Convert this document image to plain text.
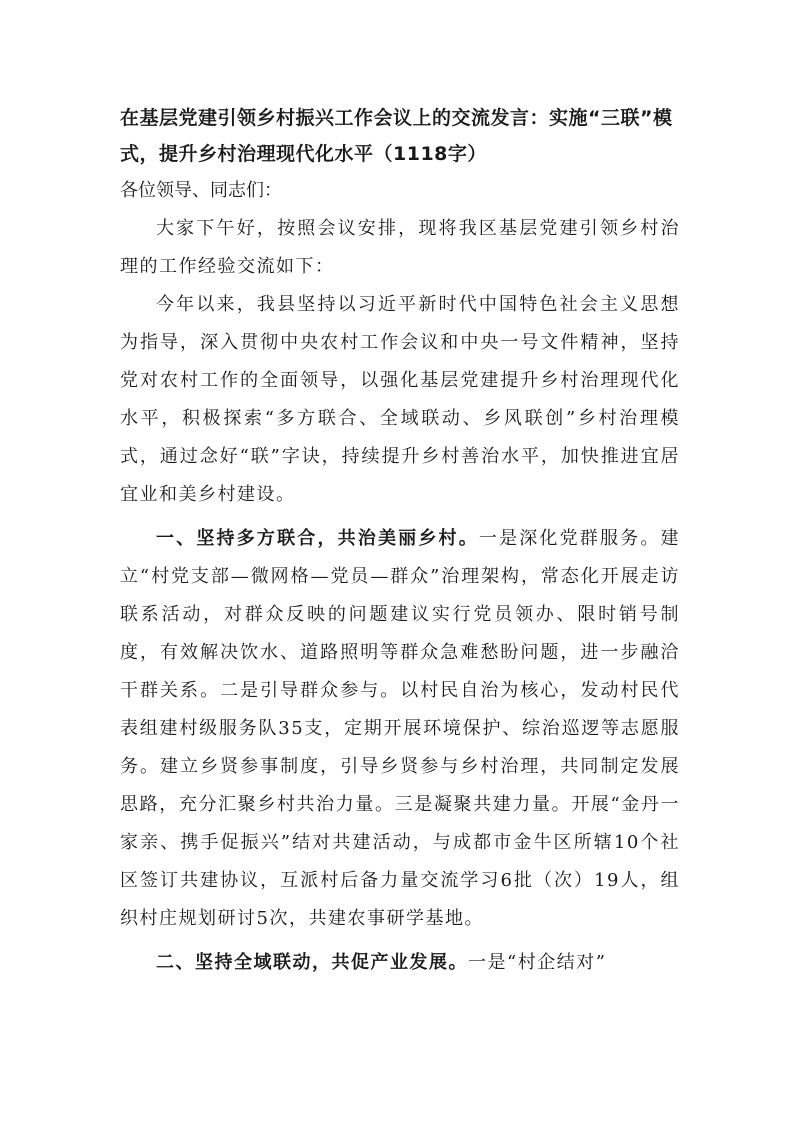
在基层党建引领乡村振兴工作会议上的交流发言：实施“三联”模式，提升乡村治理现代化水平（1118字）

各位领导、同志们：

大家下午好，按照会议安排，现将我区基层党建引领乡村治理的工作经验交流如下：

今年以来，我县坚持以习近平新时代中国特色社会主义思想为指导，深入贯彻中央农村工作会议和中央一号文件精神，坚持党对农村工作的全面领导，以强化基层党建提升乡村治理现代化水平，积极探索“多方联合、全域联动、乡风联创”乡村治理模式，通过念好“联”字诀，持续提升乡村善治水平，加快推进宜居宜业和美乡村建设。

一、坚持多方联合，共治美丽乡村。一是深化党群服务。建立“村党支部—微网格—党员—群众”治理架构，常态化开展走访联系活动，对群众反映的问题建议实行党员领办、限时销号制度，有效解决饮水、道路照明等群众急难愁盼问题，进一步融洽干群关系。二是引导群众参与。以村民自治为核心，发动村民代表组建村级服务队35支，定期开展环境保护、综治巡逻等志愿服务。建立乡贤参事制度，引导乡贤参与乡村治理，共同制定发展思路，充分汇聚乡村共治力量。三是凝聚共建力量。开展“金丹一家亲、携手促振兴”结对共建活动，与成都市金牛区所辖10个社区签订共建协议，互派村后备力量交流学习6批（次）19人，组织村庄规划研讨5次，共建农事研学基地。

二、坚持全域联动，共促产业发展。一是“村企结对”
